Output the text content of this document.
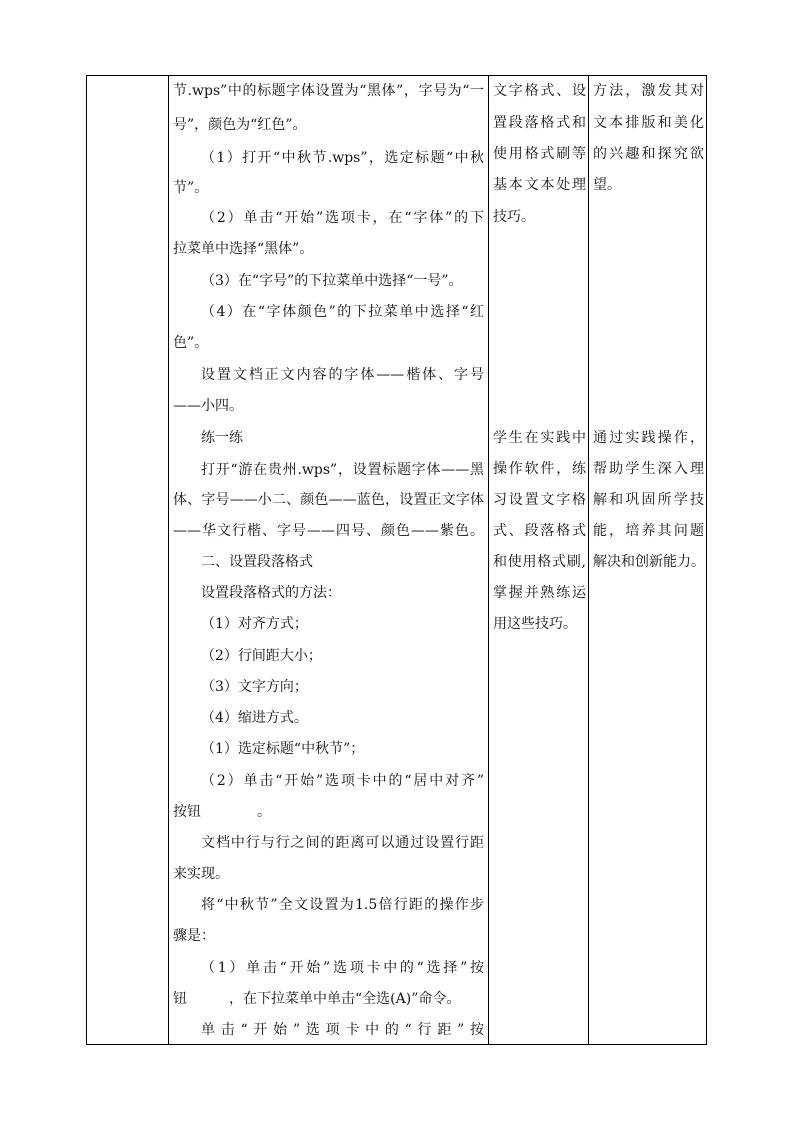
节.wps”中的标题字体设置为“黑体”，字号为“一
号”，颜色为“红色”。
（1）打开“中秋节.wps”，选定标题“中秋
节”。
（2）单击“开始”选项卡，在“字体”的下
拉菜单中选择“黑体”。
（3）在“字号”的下拉菜单中选择“一号”。
（4）在“字体颜色”的下拉菜单中选择“红
色”。
设置文档正文内容的字体——楷体、字号
——小四。
练一练
打开“游在贵州.wps”，设置标题字体——黑
体、字号——小二、颜色——蓝色，设置正文字体
——华文行楷、字号——四号、颜色——紫色。
二、设置段落格式
设置段落格式的方法：
（1）对齐方式；
（2）行间距大小；
（3）文字方向；
（4）缩进方式。
（1）选定标题“中秋节”；
（2）单击“开始”选项卡中的“居中对齐”
按钮　　　　。
文档中行与行之间的距离可以通过设置行距
来实现。
将“中秋节”全文设置为1.5倍行距的操作步
骤是：
（1）单击“开始”选项卡中的“选择”按
钮　　　，在下拉菜单中单击“全选(A)”命令。
单击“开始”选项卡中的“行距”按
文字格式、设
置段落格式和
使用格式刷等
基本文本处理
技巧。
学生在实践中
操作软件，练
习设置文字格
式、段落格式
和使用格式刷,
掌握并熟练运
用这些技巧。
方法，激发其对
文本排版和美化
的兴趣和探究欲
望。
通过实践操作，
帮助学生深入理
解和巩固所学技
能，培养其问题
解决和创新能力。
